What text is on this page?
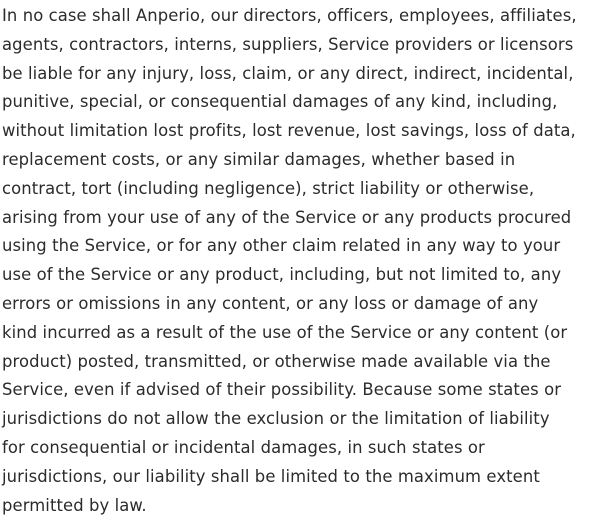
In no case shall Anperio, our directors, officers, employees, affiliates,
agents, contractors, interns, suppliers, Service providers or licensors
be liable for any injury, loss, claim, or any direct, indirect, incidental,
punitive, special, or consequential damages of any kind, including,
without limitation lost profits, lost revenue, lost savings, loss of data,
replacement costs, or any similar damages, whether based in
contract, tort (including negligence), strict liability or otherwise,
arising from your use of any of the Service or any products procured
using the Service, or for any other claim related in any way to your
use of the Service or any product, including, but not limited to, any
errors or omissions in any content, or any loss or damage of any
kind incurred as a result of the use of the Service or any content (or
product) posted, transmitted, or otherwise made available via the
Service, even if advised of their possibility. Because some states or
jurisdictions do not allow the exclusion or the limitation of liability
for consequential or incidental damages, in such states or
jurisdictions, our liability shall be limited to the maximum extent
permitted by law.
